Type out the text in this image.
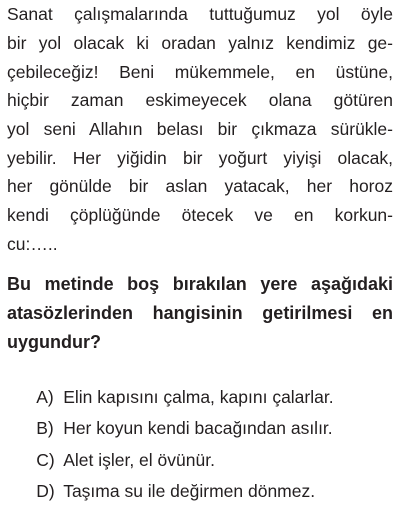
Sanat çalışmalarında tuttuğumuz yol öyle
bir yol olacak ki oradan yalnız kendimiz ge-
çebileceğiz! Beni mükemmele, en üstüne,
hiçbir zaman eskimeyecek olana götüren
yol seni Allahın belası bir çıkmaza sürükle-
yebilir. Her yiğidin bir yoğurt yiyişi olacak,
her gönülde bir aslan yatacak, her horoz
kendi çöplüğünde ötecek ve en korkun-
cu:…..
Bu metinde boş bırakılan yere aşağıdaki
atasözlerinden hangisinin getirilmesi en
uygundur?

A) Elin kapısını çalma, kapını çalarlar.

B) Her koyun kendi bacağından asılır.

C) Alet işler, el övünür.

D) Taşıma su ile değirmen dönmez.
